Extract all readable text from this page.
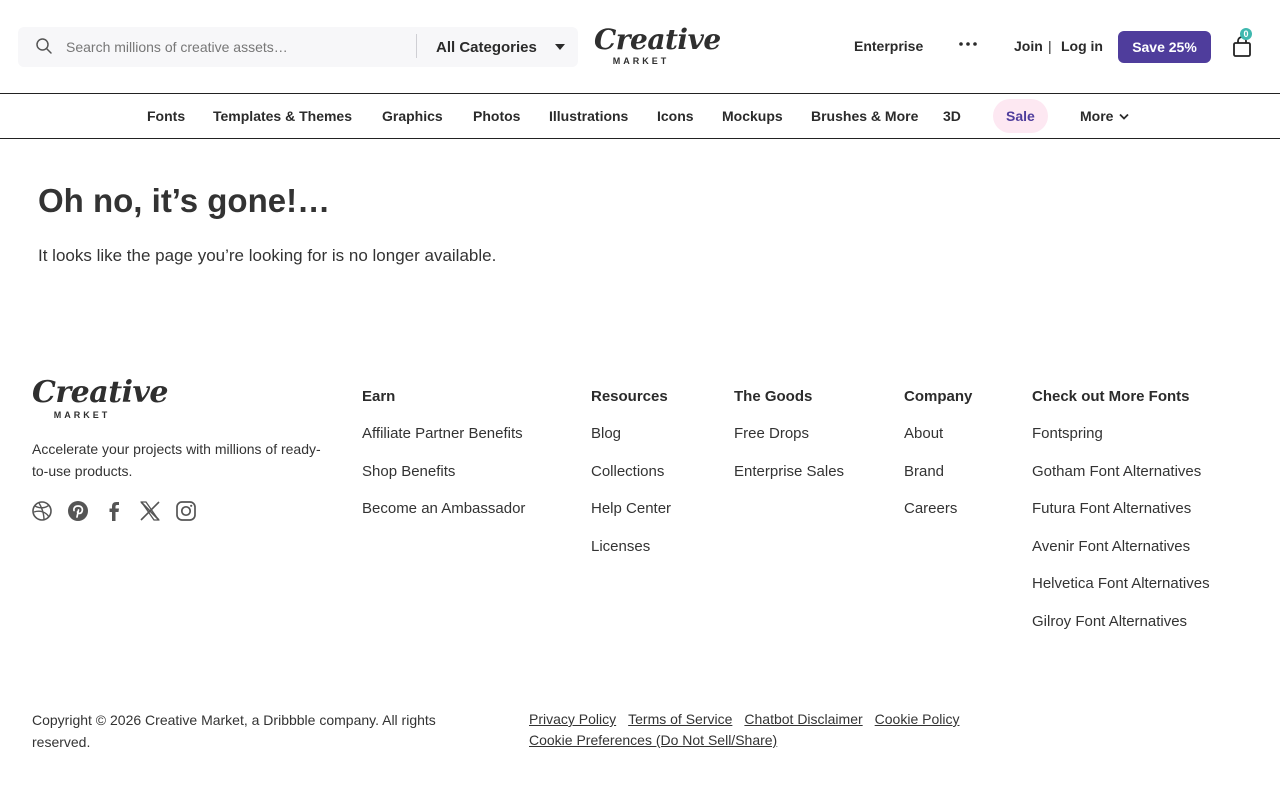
Search millions of creative assets…
All Categories Creative
MARKET
Enterprise	Join | Log in	Save 25%
0
Fonts Templates & Themes Graphics Photos Illustrations Icons Mockups Brushes & More 3D	Sale	More
Oh no, it’s gone!…

It looks like the page you’re looking for is no longer available.

Creative
MARKET

Accelerate your projects with millions of ready-to-use products.

Earn
Affiliate Partner Benefits
Shop Benefits
Become an Ambassador
Resources
Blog
Collections
Help Center
Licenses
The Goods
Free Drops
Enterprise Sales
Company
About
Brand
Careers
Check out More Fonts
Fontspring
Gotham Font Alternatives
Futura Font Alternatives
Avenir Font Alternatives
Helvetica Font Alternatives
Gilroy Font Alternatives

Copyright © 2026 Creative Market, a Dribbble company. All rights reserved.

Privacy Policy Terms of Service Chatbot Disclaimer Cookie Policy
Cookie Preferences (Do Not Sell/Share)
